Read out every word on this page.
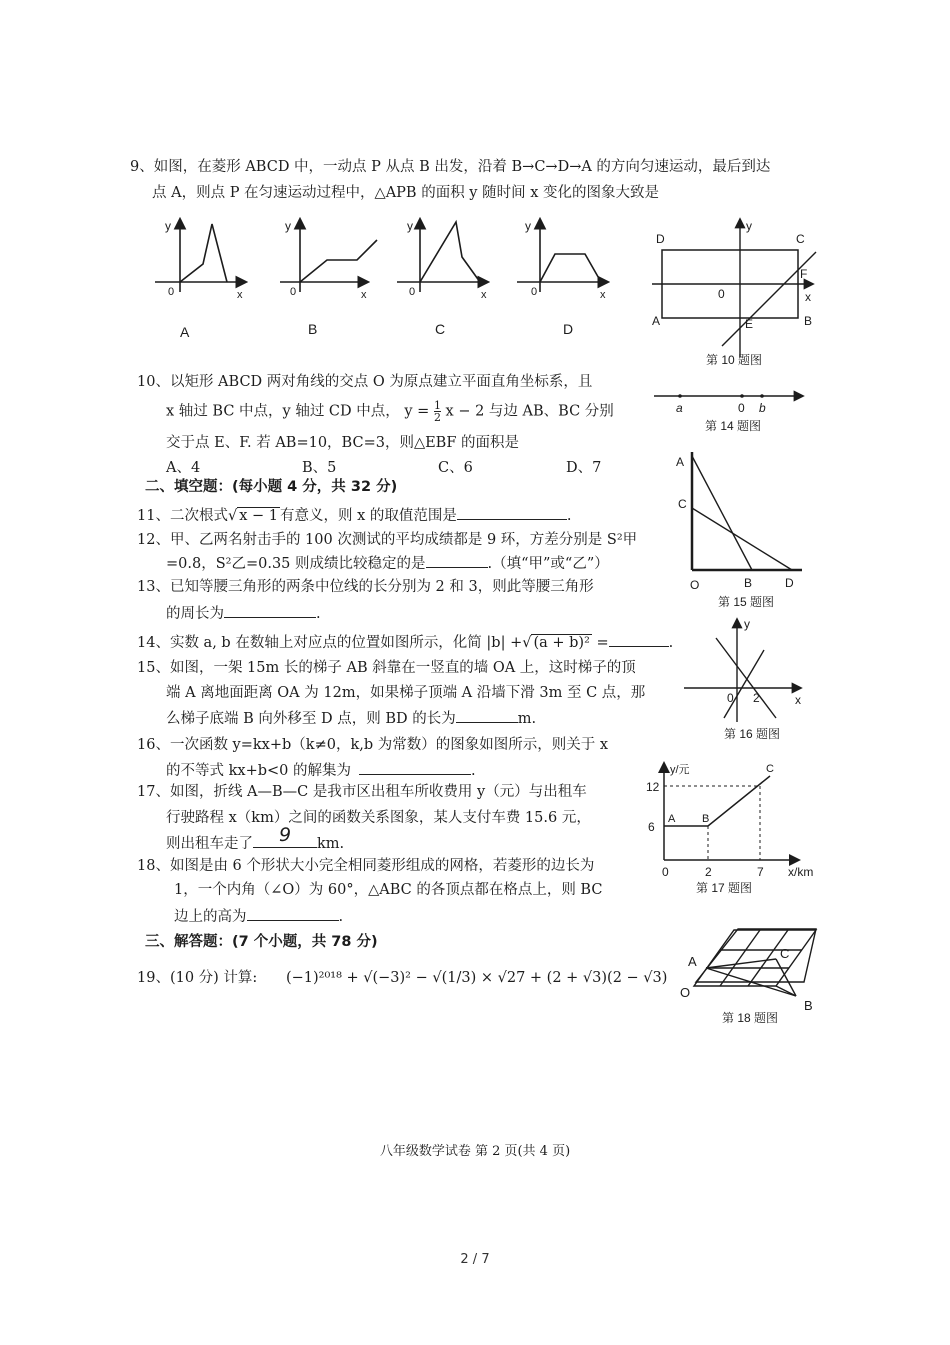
9、如图，在菱形 ABCD 中，一动点 P 从点 B 出发，沿着 B→C→D→A 的方向匀速运动，最后到达
点 A，则点 P 在匀速运动过程中，△APB 的面积 y 随时间 x 变化的图象大致是
y
0	x
A
y
0	x
B
y
0	x
C
y
0	x
D
D	C
A	B
E
F
0
y
x
第 10 题图
10、以矩形 ABCD 两对角线的交点 O 为原点建立平面直角坐标系，且
x 轴过 BC 中点，y 轴过 CD 中点， $y = \frac{1}{2}$ x − 2 与边 AB、BC 分别
交于点 E、F. 若 AB=10，BC=3，则△EBF 的面积是
A、4	B、5	C、6	D、7
a	0 b
第 14 题图
二、填空题：(每小题 4 分，共 32 分)
11、二次根式√ x − 1 有意义，则 x 的取值范围是	.
12、甲、乙两名射击手的 100 次测试的平均成绩都是 9 环，方差分别是 S²甲
=0.8，S²乙=0.35 则成绩比较稳定的是	.（填“甲”或“乙”）
13、已知等腰三角形的两条中位线的长分别为 2 和 3，则此等腰三角形
的周长为	.
A
C
O	B	D
第 15 题图
14、实数 a, b 在数轴上对应点的位置如图所示，化简 |b| +√ (a + b)² =	.
15、如图，一架 15m 长的梯子 AB 斜靠在一竖直的墙 OA 上，这时梯子的顶
端 A 离地面距离 OA 为 12m，如果梯子顶端 A 沿墙下滑 3m 至 C 点，那
么梯子底端 B 向外移至 D 点，则 BD 的长为	m.
y
x
0 2
第 16 题图
16、一次函数 y=kx+b（k≠0，k,b 为常数）的图象如图所示，则关于 x
的不等式 kx+b<0 的解集为	.
17、如图，折线 A—B—C 是我市区出租车所收费用 y（元）与出租车
行驶路程 x（km）之间的函数关系图象，某人支付车费 15.6 元，
则出租车走了 9 km.
y/元
12
6
0	2	7 x/km
A B
C
第 17 题图
18、如图是由 6 个形状大小完全相同菱形组成的网格，若菱形的边长为
1，一个内角（∠O）为 60°，△ABC 的各顶点都在格点上，则 BC
边上的高为	.
A
O
C
B
第 18 题图
三、解答题：(7 个小题，共 78 分)
19、(10 分) 计算: (−1)²⁰¹⁸ + √(−3)² − √(1/3) × √27 + (2 + √3)(2 − √3)
八年级数学试卷 第 2 页(共 4 页)
2 / 7
